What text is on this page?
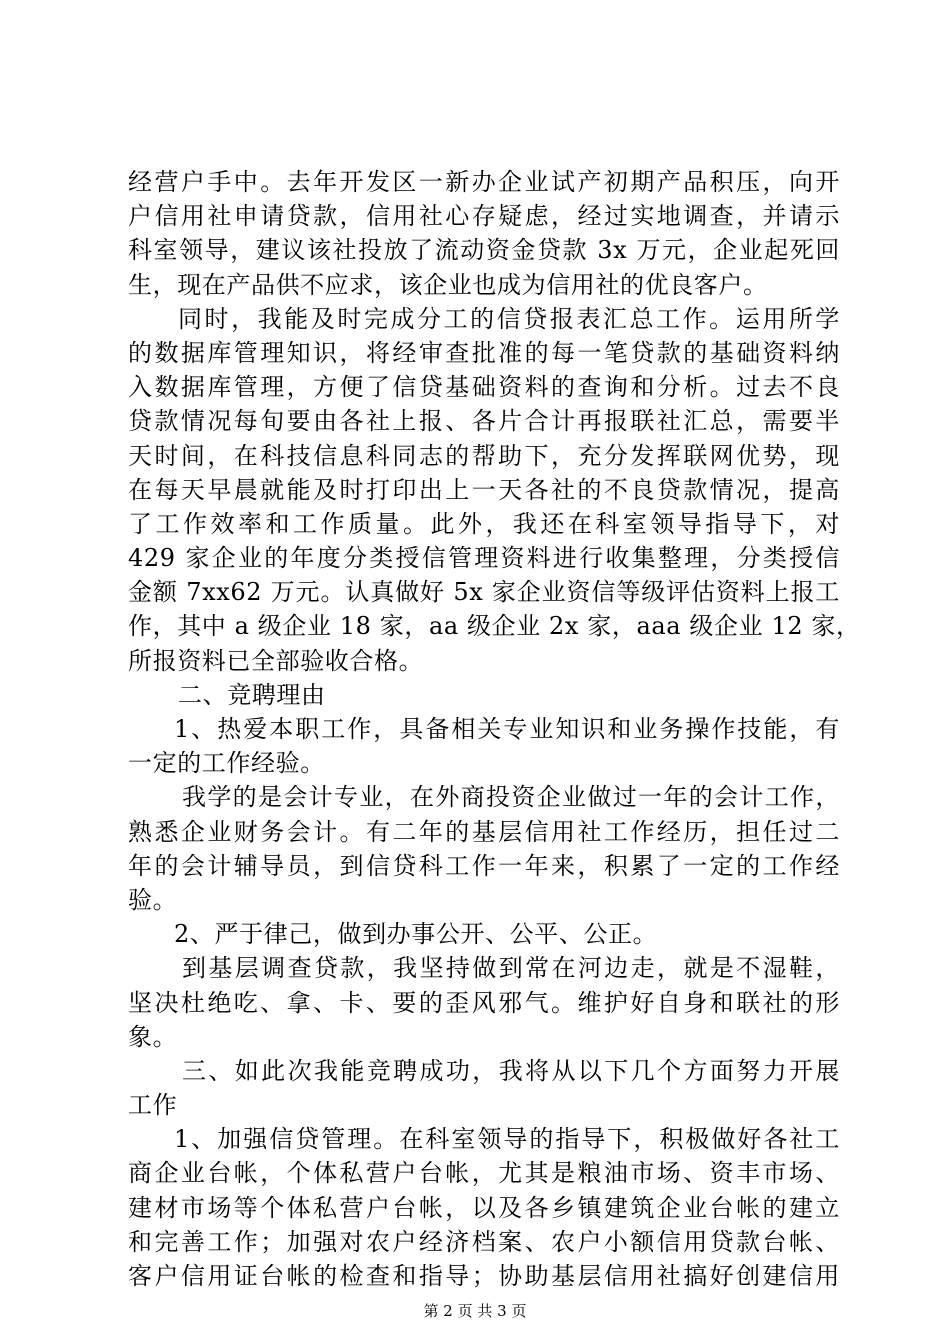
经营户手中。去年开发区一新办企业试产初期产品积压，向开
户信用社申请贷款，信用社心存疑虑，经过实地调查，并请示
科室领导，建议该社投放了流动资金贷款 3x 万元，企业起死回
生，现在产品供不应求，该企业也成为信用社的优良客户。
同时，我能及时完成分工的信贷报表汇总工作。运用所学
的数据库管理知识，将经审查批准的每一笔贷款的基础资料纳
入数据库管理，方便了信贷基础资料的查询和分析。过去不良
贷款情况每旬要由各社上报、各片合计再报联社汇总，需要半
天时间，在科技信息科同志的帮助下，充分发挥联网优势，现
在每天早晨就能及时打印出上一天各社的不良贷款情况，提高
了工作效率和工作质量。此外，我还在科室领导指导下，对
429 家企业的年度分类授信管理资料进行收集整理，分类授信
金额 7xx62 万元。认真做好 5x 家企业资信等级评估资料上报工
作，其中 a 级企业 18 家，aa 级企业 2x 家，aaa 级企业 12 家，
所报资料已全部验收合格。
二、竞聘理由
1、热爱本职工作，具备相关专业知识和业务操作技能，有
一定的工作经验。
我学的是会计专业，在外商投资企业做过一年的会计工作，
熟悉企业财务会计。有二年的基层信用社工作经历，担任过二
年的会计辅导员，到信贷科工作一年来，积累了一定的工作经
验。
2、严于律己，做到办事公开、公平、公正。
到基层调查贷款，我坚持做到常在河边走，就是不湿鞋，
坚决杜绝吃、拿、卡、要的歪风邪气。维护好自身和联社的形
象。
三、如此次我能竞聘成功，我将从以下几个方面努力开展
工作
1、加强信贷管理。在科室领导的指导下，积极做好各社工
商企业台帐，个体私营户台帐，尤其是粮油市场、资丰市场、
建材市场等个体私营户台帐，以及各乡镇建筑企业台帐的建立
和完善工作；加强对农户经济档案、农户小额信用贷款台帐、
客户信用证台帐的检查和指导；协助基层信用社搞好创建信用
第 2 页 共 3 页
